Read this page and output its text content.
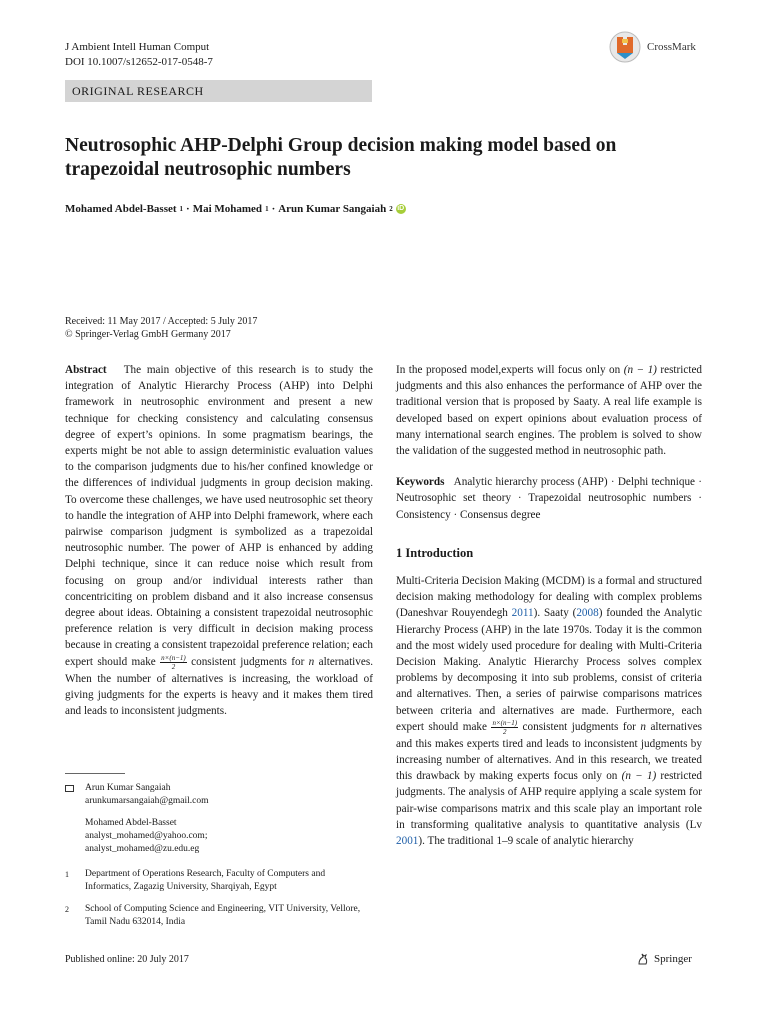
J Ambient Intell Human Comput
DOI 10.1007/s12652-017-0548-7
CrossMark
ORIGINAL RESEARCH
Neutrosophic AHP-Delphi Group decision making model based on trapezoidal neutrosophic numbers
Mohamed Abdel-Basset 1 · Mai Mohamed 1 · Arun Kumar Sangaiah 2 iD
Received: 11 May 2017 / Accepted: 5 July 2017
© Springer-Verlag GmbH Germany 2017

Abstract The main objective of this research is to study the integration of Analytic Hierarchy Process (AHP) into Delphi framework in neutrosophic environment and present a new technique for checking consistency and calculating consensus degree of expert’s opinions. In some pragmatism bearings, the experts might be not able to assign deterministic evaluation values to the comparison judgments due to his/her confined knowledge or the differences of individual judgments in group decision making. To overcome these challenges, we have used neutrosophic set theory to handle the integration of AHP into Delphi framework, where each pairwise comparison judgment is symbolized as a trapezoidal neutrosophic number. The power of AHP is enhanced by adding Delphi technique, since it can reduce noise which result from focusing on group and/or individual interests rather than concentriciting on problem disband and it also increase consensus degree about ideas. Obtaining a consistent trapezoidal neutrosophic preference relation is very difficult in decision making process because in creating a consistent trapezoidal preference relation; each expert should make $\frac{n\times(n-1)}{2}$ consistent judgments for n alternatives. When the number of alternatives is increasing, the workload of giving judgments for the experts is heavy and it makes them tired and leads to inconsistent judgments.

In the proposed model,experts will focus only on (n − 1) restricted judgments and this also enhances the performance of AHP over the traditional version that is proposed by Saaty. A real life example is developed based on expert opinions about evaluation process of many international search engines. The problem is solved to show the validation of the suggested method in neutrosophic path.

Keywords Analytic hierarchy process (AHP) · Delphi technique · Neutrosophic set theory · Trapezoidal neutrosophic numbers · Consistency · Consensus degree

1 Introduction

Multi-Criteria Decision Making (MCDM) is a formal and structured decision making methodology for dealing with complex problems (Daneshvar Rouyendegh 2011). Saaty (2008) founded the Analytic Hierarchy Process (AHP) in the late 1970s. Today it is the common and the most widely used procedure for dealing with Multi-Criteria Decision Making. Analytic Hierarchy Process solves complex problems by decomposing it into sub problems, consist of criteria and alternatives. Then, a series of pairwise comparisons matrices between criteria and alternatives are made. Furthermore, each expert should make $\frac{n\times(n-1)}{2}$ consistent judgments for n alternatives and this makes experts tired and leads to inconsistent judgments by increasing number of alternatives. And in this research, we treated this drawback by making experts focus only on (n − 1) restricted judgments. The analysis of AHP require applying a scale system for pair-wise comparisons matrix and this scale play an important role in transforming qualitative analysis to quantitative analysis (Lv 2001). The traditional 1–9 scale of analytic hierarchy

Arun Kumar Sangaiah
arunkumarsangaiah@gmail.com
Mohamed Abdel-Basset
analyst_mohamed@yahoo.com;
analyst_mohamed@zu.edu.eg
1	Department of Operations Research, Faculty of Computers and Informatics, Zagazig University, Sharqiyah, Egypt
2	School of Computing Science and Engineering, VIT University, Vellore, Tamil Nadu 632014, India
Published online: 20 July 2017	Springer
